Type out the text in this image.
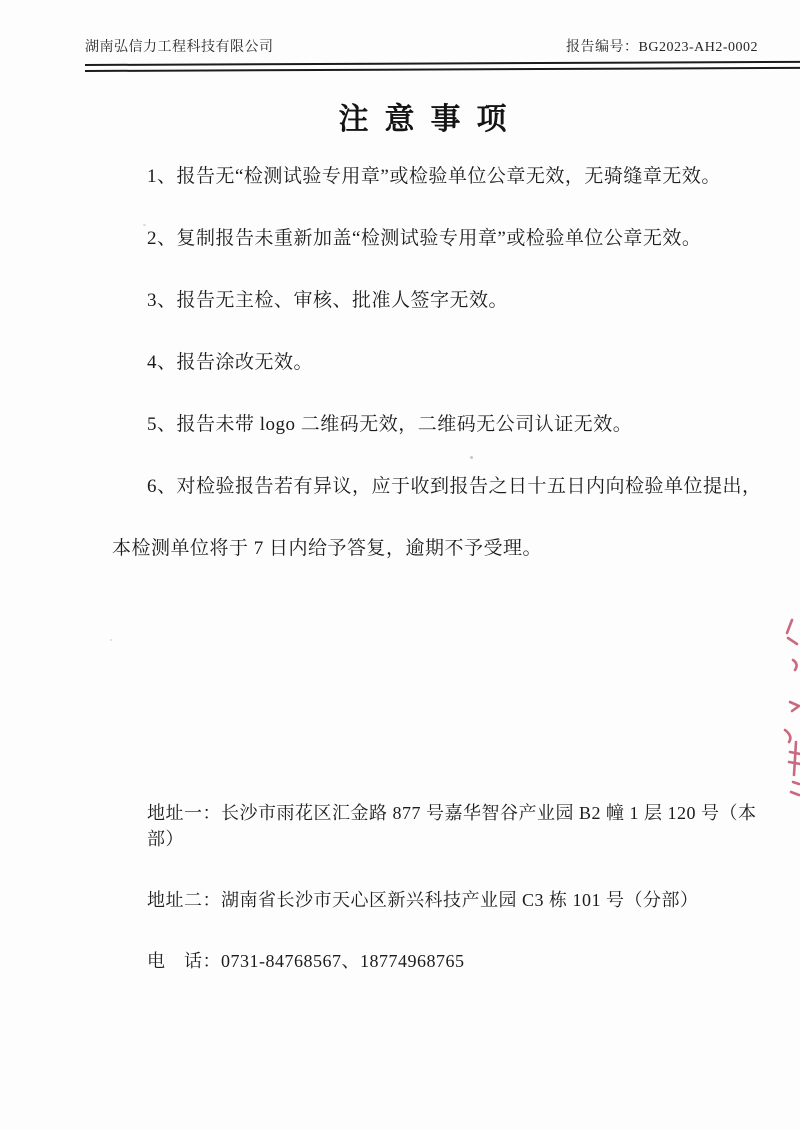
湖南弘信力工程科技有限公司	报告编号：BG2023-AH2-0002
注意事项

1、报告无“检测试验专用章”或检验单位公章无效，无骑缝章无效。

2、复制报告未重新加盖“检测试验专用章”或检验单位公章无效。

3、报告无主检、审核、批准人签字无效。

4、报告涂改无效。

5、报告未带 logo 二维码无效，二维码无公司认证无效。

6、对检验报告若有异议，应于收到报告之日十五日内向检验单位提出，

本检测单位将于 7 日内给予答复，逾期不予受理。

地址一：长沙市雨花区汇金路 877 号嘉华智谷产业园 B2 幢 1 层 120 号（本部）

地址二：湖南省长沙市天心区新兴科技产业园 C3 栋 101 号（分部）

电　话：0731-84768567、18774968765
